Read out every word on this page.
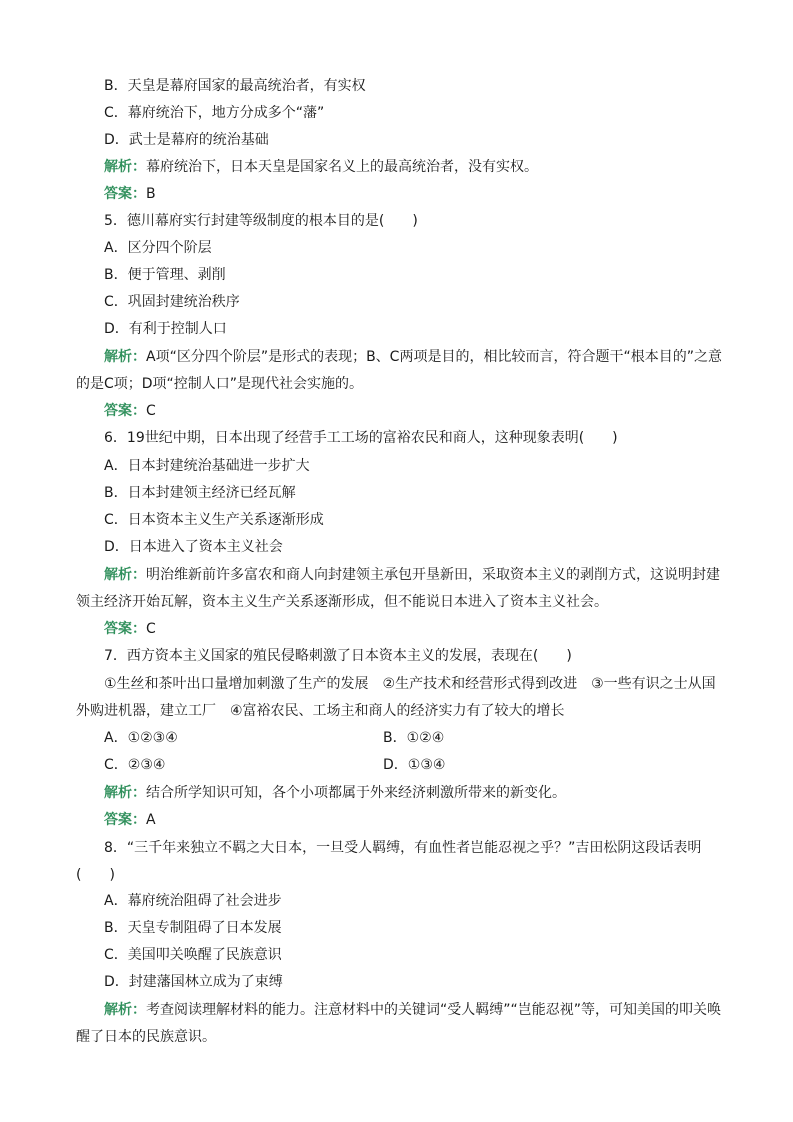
B．天皇是幕府国家的最高统治者，有实权
C．幕府统治下，地方分成多个“藩”
D．武士是幕府的统治基础
解析：幕府统治下，日本天皇是国家名义上的最高统治者，没有实权。
答案：B
5．德川幕府实行封建等级制度的根本目的是(　　)
A．区分四个阶层
B．便于管理、剥削
C．巩固封建统治秩序
D．有利于控制人口
解析：A项“区分四个阶层”是形式的表现；B、C两项是目的，相比较而言，符合题干“根本目的”之意的是C项；D项“控制人口”是现代社会实施的。
答案：C
6．19世纪中期，日本出现了经营手工工场的富裕农民和商人，这种现象表明(　　)
A．日本封建统治基础进一步扩大
B．日本封建领主经济已经瓦解
C．日本资本主义生产关系逐渐形成
D．日本进入了资本主义社会
解析：明治维新前许多富农和商人向封建领主承包开垦新田，采取资本主义的剥削方式，这说明封建领主经济开始瓦解，资本主义生产关系逐渐形成，但不能说日本进入了资本主义社会。
答案：C
7．西方资本主义国家的殖民侵略刺激了日本资本主义的发展，表现在(　　)
①生丝和茶叶出口量增加刺激了生产的发展　②生产技术和经营形式得到改进　③一些有识之士从国外购进机器，建立工厂　④富裕农民、工场主和商人的经济实力有了较大的增长
A．①②③④	B．①②④
C．②③④	D．①③④
解析：结合所学知识可知，各个小项都属于外来经济刺激所带来的新变化。
答案：A
8．“三千年来独立不羁之大日本，一旦受人羁缚，有血性者岂能忍视之乎？”吉田松阴这段话表明(　　)
A．幕府统治阻碍了社会进步
B．天皇专制阻碍了日本发展
C．美国叩关唤醒了民族意识
D．封建藩国林立成为了束缚
解析：考查阅读理解材料的能力。注意材料中的关键词“受人羁缚”“岂能忍视”等，可知美国的叩关唤醒了日本的民族意识。
